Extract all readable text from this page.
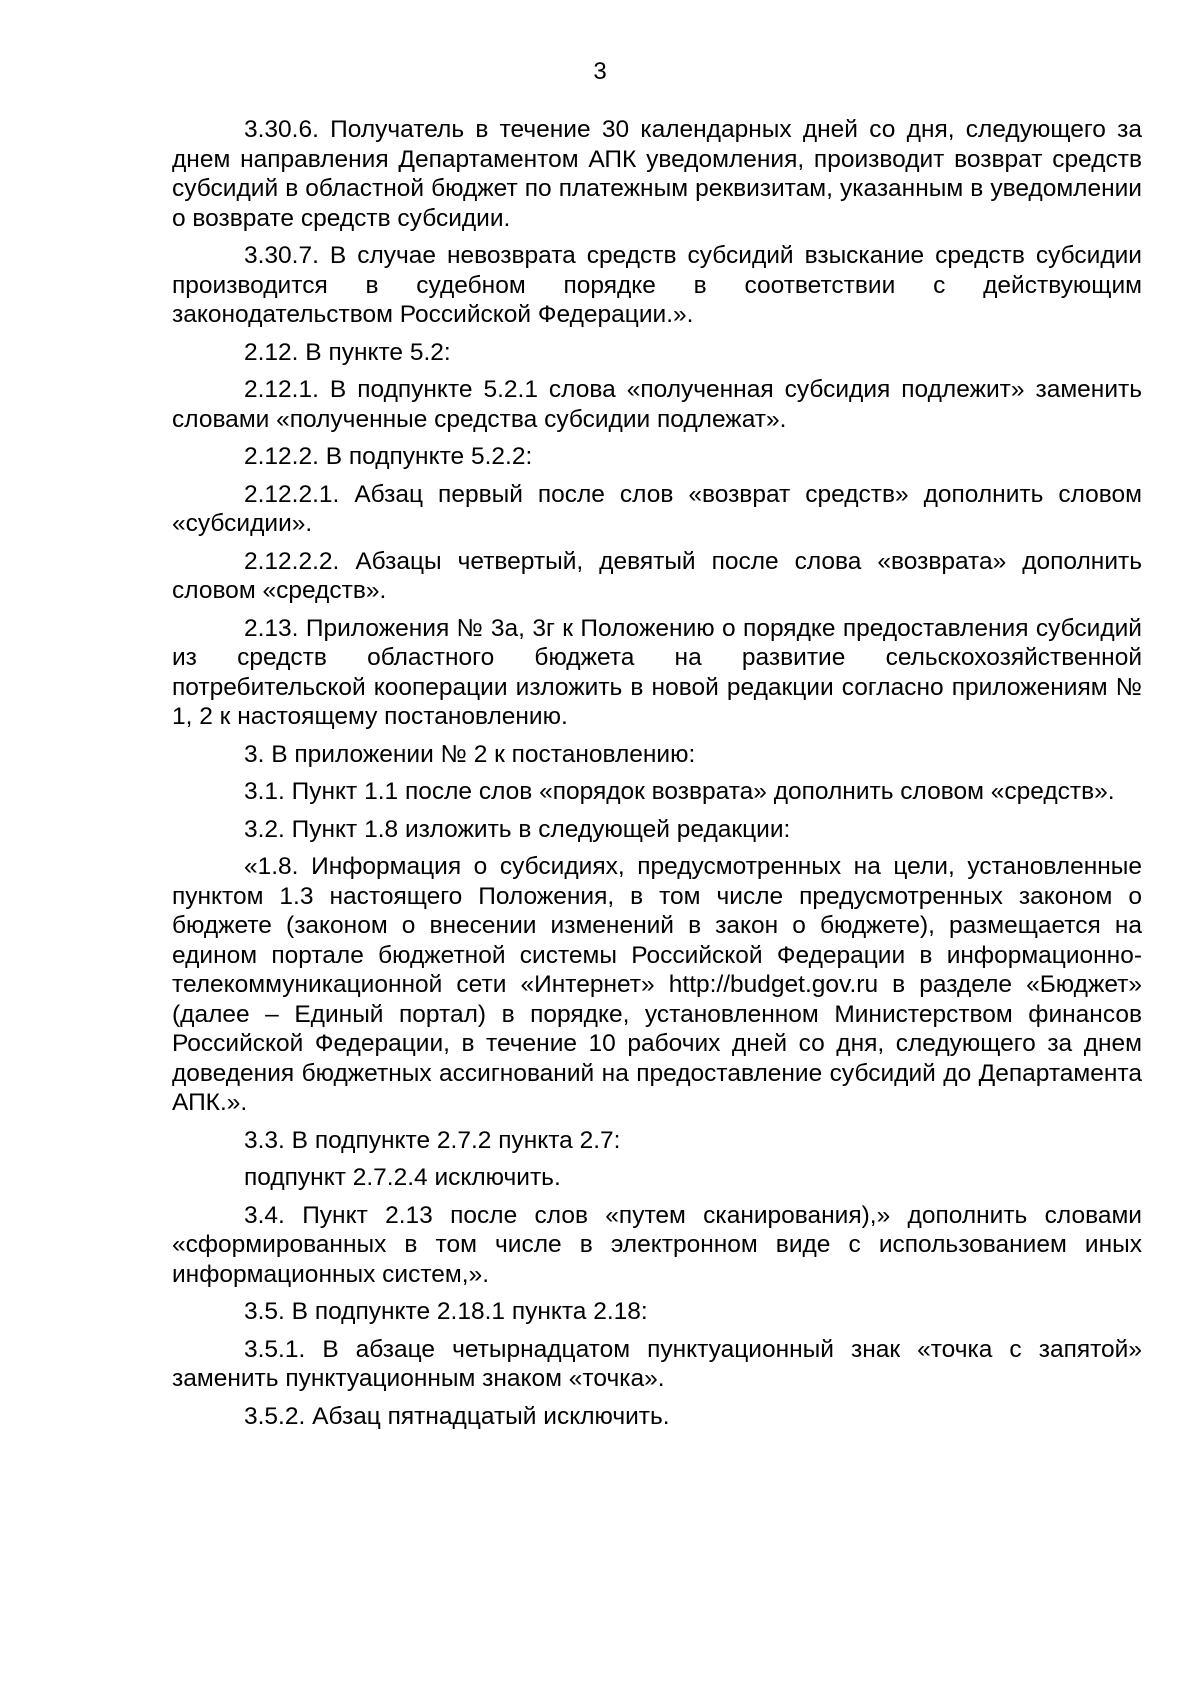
3

3.30.6. Получатель в течение 30 календарных дней со дня, следующего за днем направления Департаментом АПК уведомления, производит возврат средств субсидий в областной бюджет по платежным реквизитам, указанным в уведомлении о возврате средств субсидии.

3.30.7. В случае невозврата средств субсидий взыскание средств субсидии производится в судебном порядке в соответствии с действующим законодательством Российской Федерации.».

2.12. В пункте 5.2:

2.12.1. В подпункте 5.2.1 слова «полученная субсидия подлежит» заменить словами «полученные средства субсидии подлежат».

2.12.2. В подпункте 5.2.2:

2.12.2.1. Абзац первый после слов «возврат средств» дополнить словом «субсидии».

2.12.2.2. Абзацы четвертый, девятый после слова «возврата» дополнить словом «средств».

2.13. Приложения № 3а, 3г к Положению о порядке предоставления субсидий из средств областного бюджета на развитие сельскохозяйственной потребительской кооперации изложить в новой редакции согласно приложениям № 1, 2 к настоящему постановлению.

3. В приложении № 2 к постановлению:

3.1. Пункт 1.1 после слов «порядок возврата» дополнить словом «средств».

3.2. Пункт 1.8 изложить в следующей редакции:

«1.8. Информация о субсидиях, предусмотренных на цели, установленные пунктом 1.3 настоящего Положения, в том числе предусмотренных законом о бюджете (законом о внесении изменений в закон о бюджете), размещается на едином портале бюджетной системы Российской Федерации в информационно-телекоммуникационной сети «Интернет» http://budget.gov.ru в разделе «Бюджет» (далее – Единый портал) в порядке, установленном Министерством финансов Российской Федерации, в течение 10 рабочих дней со дня, следующего за днем доведения бюджетных ассигнований на предоставление субсидий до Департамента АПК.».

3.3. В подпункте 2.7.2 пункта 2.7:

подпункт 2.7.2.4 исключить.

3.4. Пункт 2.13 после слов «путем сканирования),» дополнить словами «сформированных в том числе в электронном виде с использованием иных информационных систем,».

3.5. В подпункте 2.18.1 пункта 2.18:

3.5.1. В абзаце четырнадцатом пунктуационный знак «точка с запятой» заменить пунктуационным знаком «точка».

3.5.2. Абзац пятнадцатый исключить.
